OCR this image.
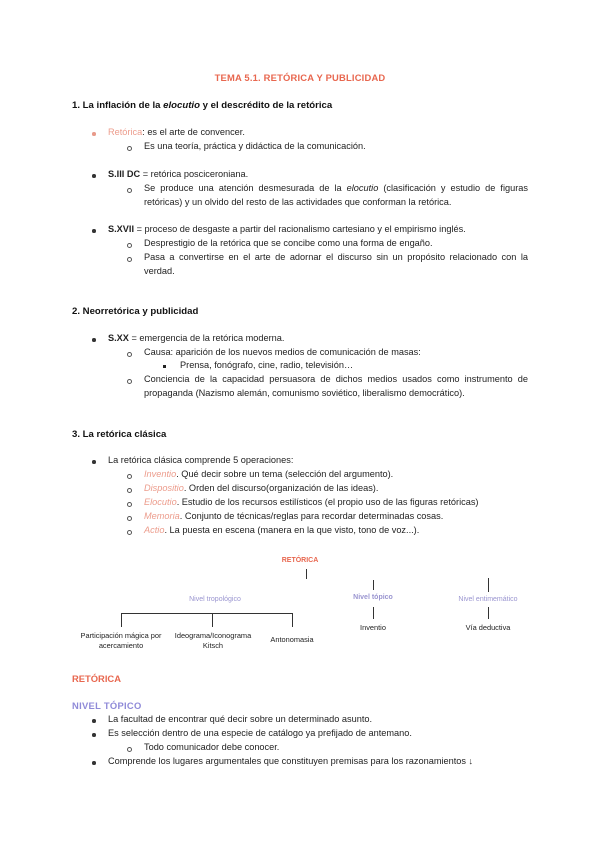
TEMA 5.1. RETÓRICA Y PUBLICIDAD
1. La inflación de la elocutio y el descrédito de la retórica
Retórica: es el arte de convencer.
Es una teoría, práctica y didáctica de la comunicación.
S.III DC = retórica posciceroniana.
Se produce una atención desmesurada de la elocutio (clasificación y estudio de figuras retóricas) y un olvido del resto de las actividades que conforman la retórica.
S.XVII = proceso de desgaste a partir del racionalismo cartesiano y el empirismo inglés.
Desprestigio de la retórica que se concibe como una forma de engaño.
Pasa a convertirse en el arte de adornar el discurso sin un propósito relacionado con la verdad.
2. Neorretórica y publicidad
S.XX = emergencia de la retórica moderna.
Causa: aparición de los nuevos medios de comunicación de masas:
Prensa, fonógrafo, cine, radio, televisión…
Conciencia de la capacidad persuasora de dichos medios usados como instrumento de propaganda (Nazismo alemán, comunismo soviético, liberalismo democrático).
3. La retórica clásica
La retórica clásica comprende 5 operaciones:
Inventio. Qué decir sobre un tema (selección del argumento).
Dispositio. Orden del discurso(organización de las ideas).
Elocutio. Estudio de los recursos estilísticos (el propio uso de las figuras retóricas)
Memoria. Conjunto de técnicas/reglas para recordar determinadas cosas.
Actio. La puesta en escena (manera en la que visto, tono de voz...).
RETÓRICA
Nivel tropológico	Nivel tópico	Nivel entimemático
Participación mágica por acercamiento
Ideograma/Iconograma Kitsch
Antonomasia
Inventio	Vía deductiva
RETÓRICA
NIVEL TÓPICO
La facultad de encontrar qué decir sobre un determinado asunto.
Es selección dentro de una especie de catálogo ya prefijado de antemano.
Todo comunicador debe conocer.
Comprende los lugares argumentales que constituyen premisas para los razonamientos ↓
